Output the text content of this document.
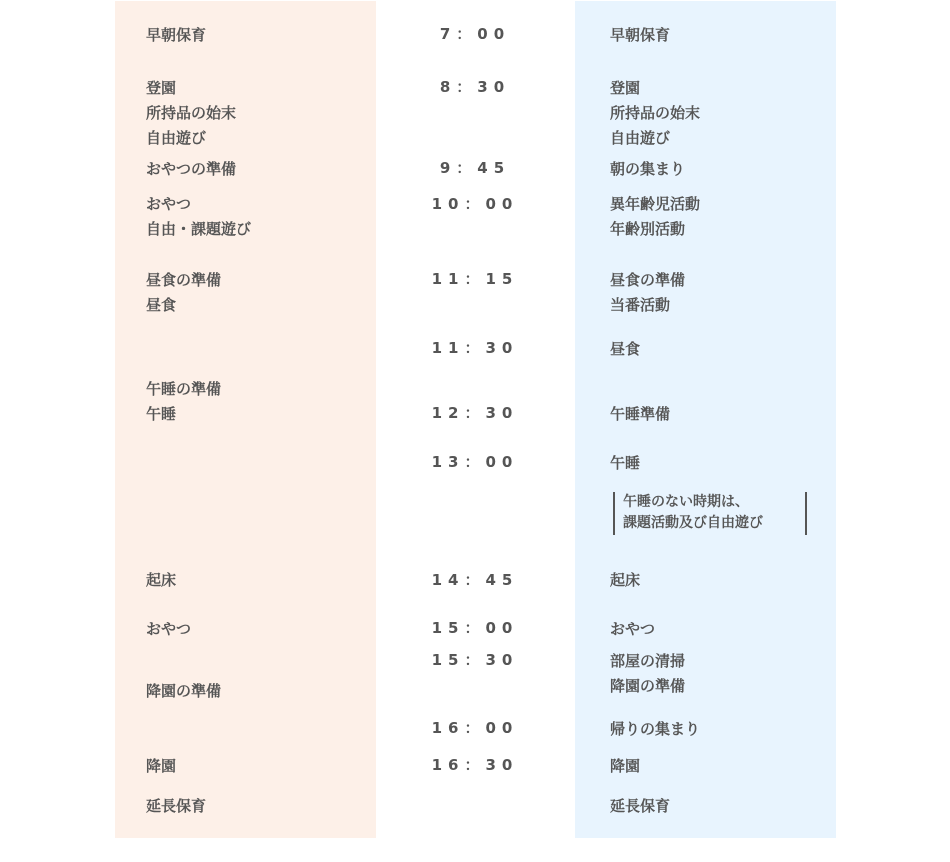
早朝保育
登園
所持品の始末
自由遊び
おやつの準備
おやつ
自由・課題遊び
昼食の準備
昼食
午睡の準備
午睡
起床
おやつ
降園の準備
降園
延長保育
7：00
8：30
9：45
10：00
11：15
11：30
12：30
13：00
14：45
15：00
15：30
16：00
16：30
早朝保育
登園
所持品の始末
自由遊び
朝の集まり
異年齢児活動
年齢別活動
昼食の準備
当番活動
昼食
午睡準備
午睡
午睡のない時期は、
課題活動及び自由遊び
起床
おやつ
部屋の清掃
降園の準備
帰りの集まり
降園
延長保育
